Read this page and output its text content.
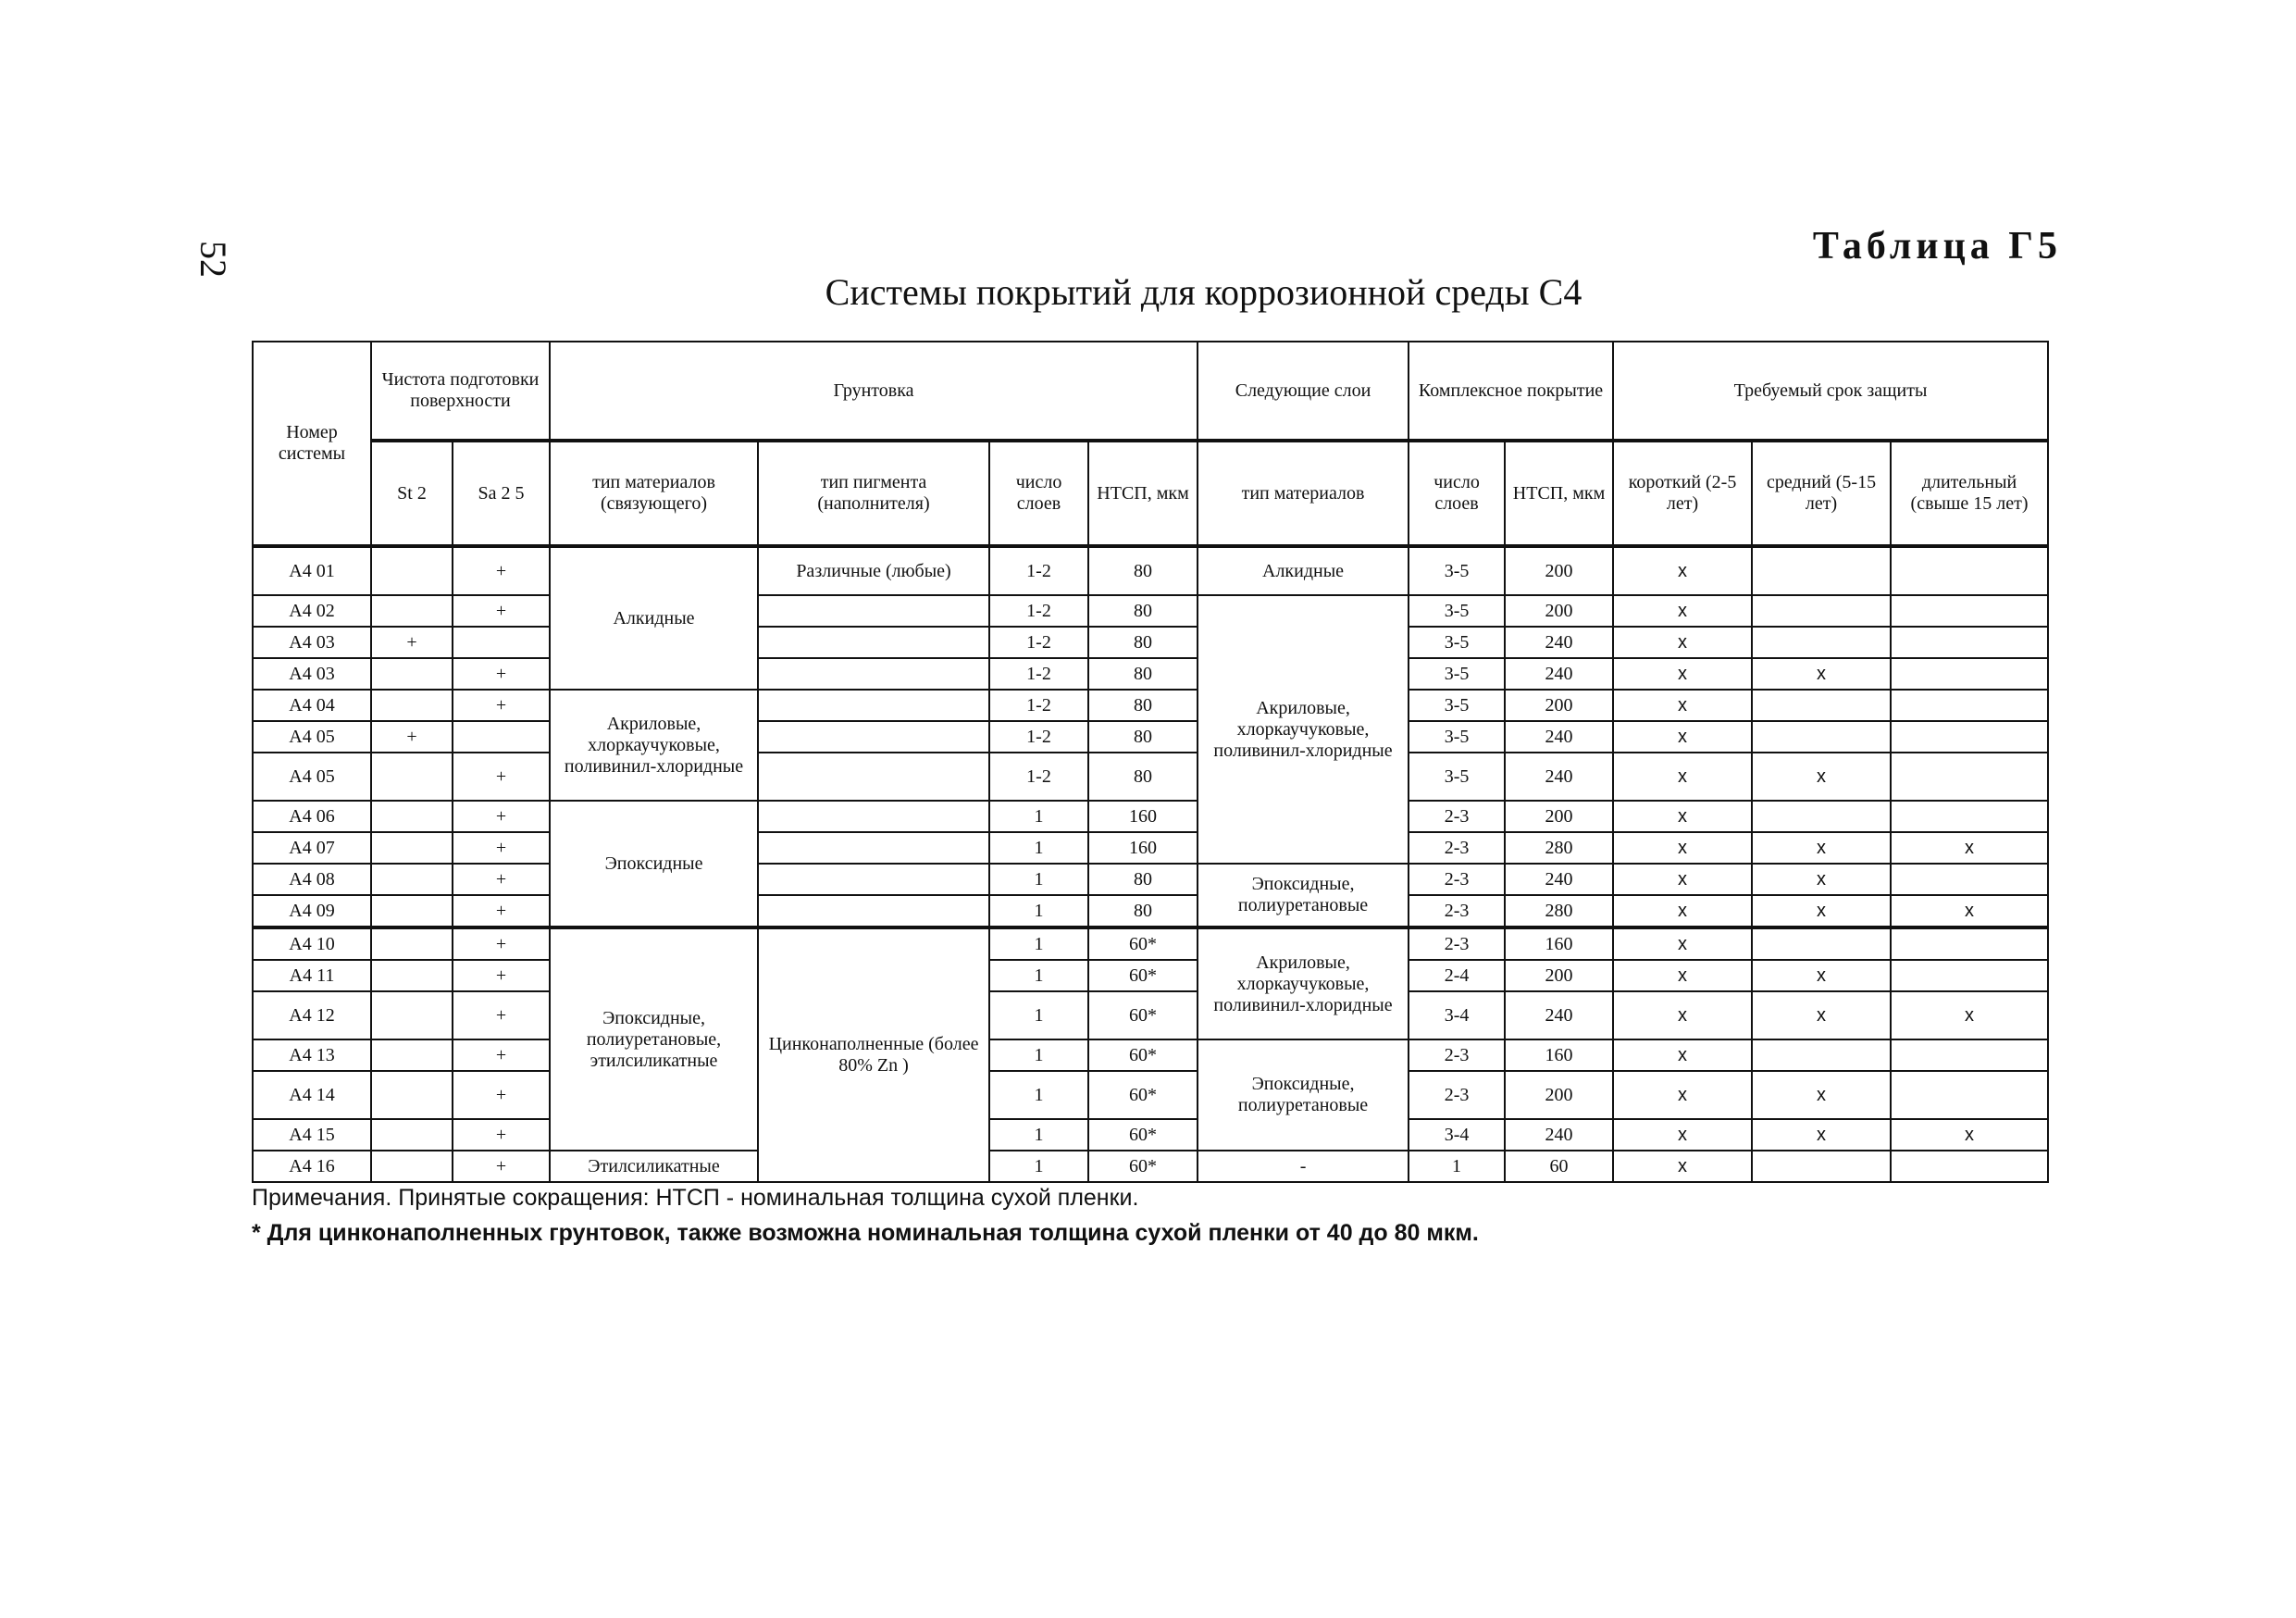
52	Таблица Г5
Системы покрытий для коррозионной среды С4
Номер системы	Чистота подготовки поверхности		Грунтовка				Следующие слои	Комплексное покрытие		Требуемый срок защиты		
	St 2	Sa 2 5	тип материалов (связующего)	тип пигмента (наполнителя)	число слоев	НТСП, мкм	тип материалов	число слоев	НТСП, мкм	короткий (2-5 лет)	средний (5-15 лет)	длительный (свыше 15 лет)
A4 01		+	Алкидные	Различные (любые)	1-2	80	Алкидные	3-5	200	x		
A4 02		+			1-2	80	Акриловые, хлоркаучуковые, поливинил-хлоридные	3-5	200	x		
A4 03	+				1-2	80		3-5	240	x		
A4 03		+			1-2	80		3-5	240	x	x	
A4 04		+	Акриловые, хлоркаучуковые, поливинил-хлоридные		1-2	80		3-5	200	x		
A4 05	+				1-2	80		3-5	240	x		
A4 05		+			1-2	80		3-5	240	x	x	
A4 06		+	Эпоксидные		1	160		2-3	200	x		
A4 07		+			1	160		2-3	280	x	x	x
A4 08		+			1	80	Эпоксидные, полиуретановые	2-3	240	x	x	
A4 09		+			1	80		2-3	280	x	x	x
A4 10		+	Эпоксидные, полиуретановые, этилсиликатные	Цинконаполненные (более 80% Zn )	1	60*	Акриловые, хлоркаучуковые, поливинил-хлоридные	2-3	160	x		
A4 11		+			1	60*		2-4	200	x	x	
A4 12		+			1	60*		3-4	240	x	x	x
A4 13		+			1	60*	Эпоксидные, полиуретановые	2-3	160	x		
A4 14		+			1	60*		2-3	200	x	x	
A4 15		+			1	60*		3-4	240	x	x	x
A4 16		+	Этилсиликатные		1	60*	-	1	60	x		
Примечания. Принятые сокращения: НТСП - номинальная толщина сухой пленки.
* Для цинконаполненных грунтовок, также возможна номинальная толщина сухой пленки от 40 до 80 мкм.
